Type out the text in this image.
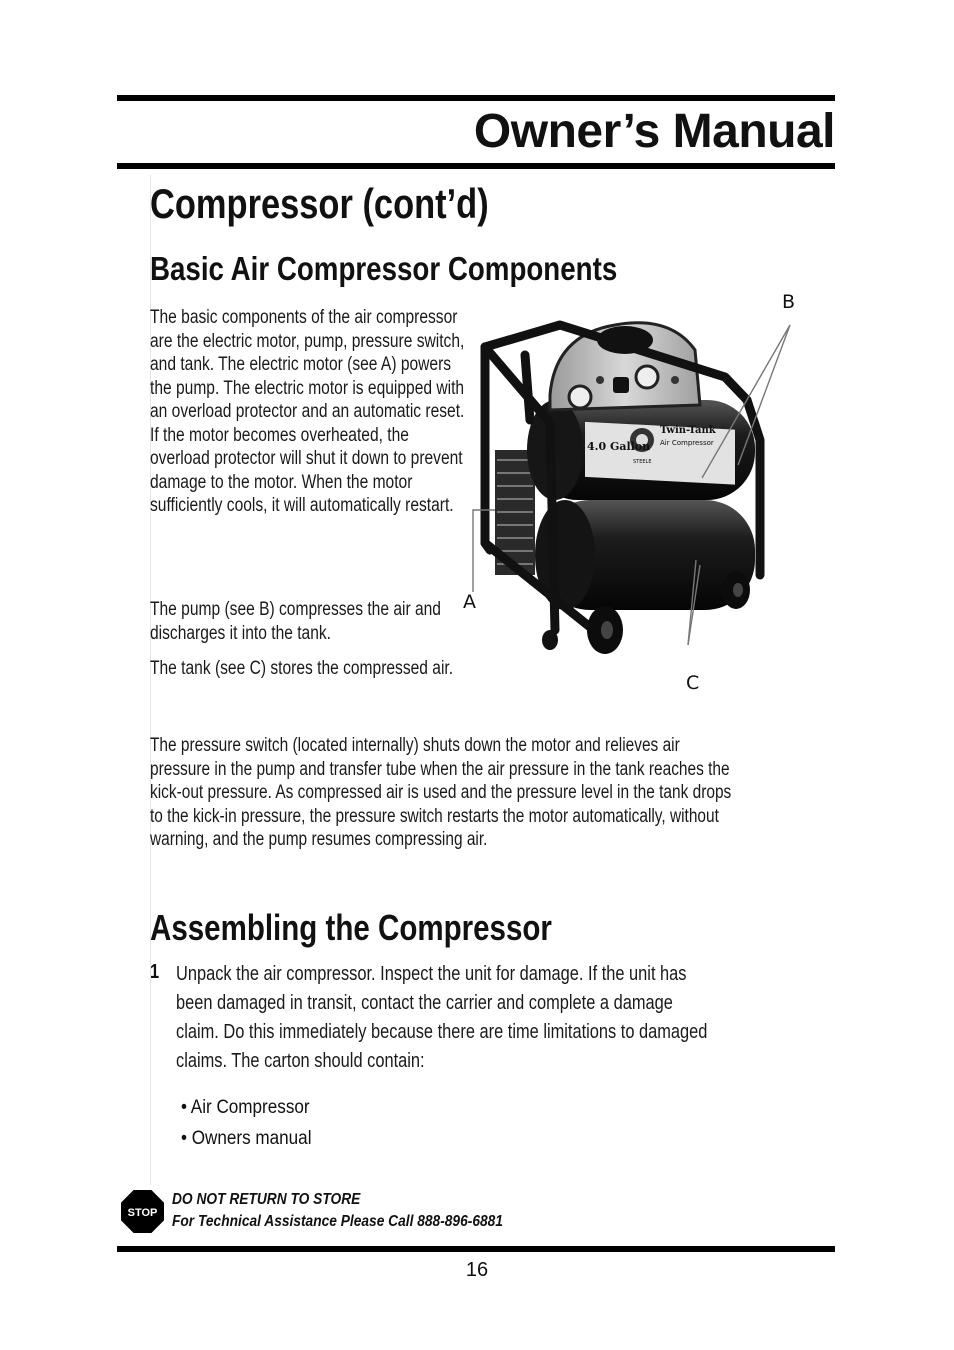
Owner’s Manual
Compressor (cont’d)
Basic Air Compressor Components
The basic components of the air compressor are the electric motor, pump, pressure switch, and tank. The electric motor (see A) powers the pump. The electric motor is equipped with an overload protector and an automatic reset. If the motor becomes overheated, the overload protector will shut it down to prevent damage to the motor. When the motor sufficiently cools, it will automatically restart.
The pump (see B) compresses the air and discharges it into the tank.
The tank (see C) stores the compressed air.
4.0 Gallon
Twin-Tank
Air Compressor
STEELE
B
A
C
The pressure switch (located internally) shuts down the motor and relieves air pressure in the pump and transfer tube when the air pressure in the tank reaches the kick-out pressure. As compressed air is used and the pressure level in the tank drops to the kick-in pressure, the pressure switch restarts the motor automatically, without warning, and the pump resumes compressing air.
Assembling the Compressor
1 Unpack the air compressor. Inspect the unit for damage. If the unit has been damaged in transit, contact the carrier and complete a damage claim. Do this immediately because there are time limitations to damaged claims. The carton should contain:
• Air Compressor
• Owners manual
STOP
DO NOT RETURN TO STORE
For Technical Assistance Please Call 888-896-6881
16
